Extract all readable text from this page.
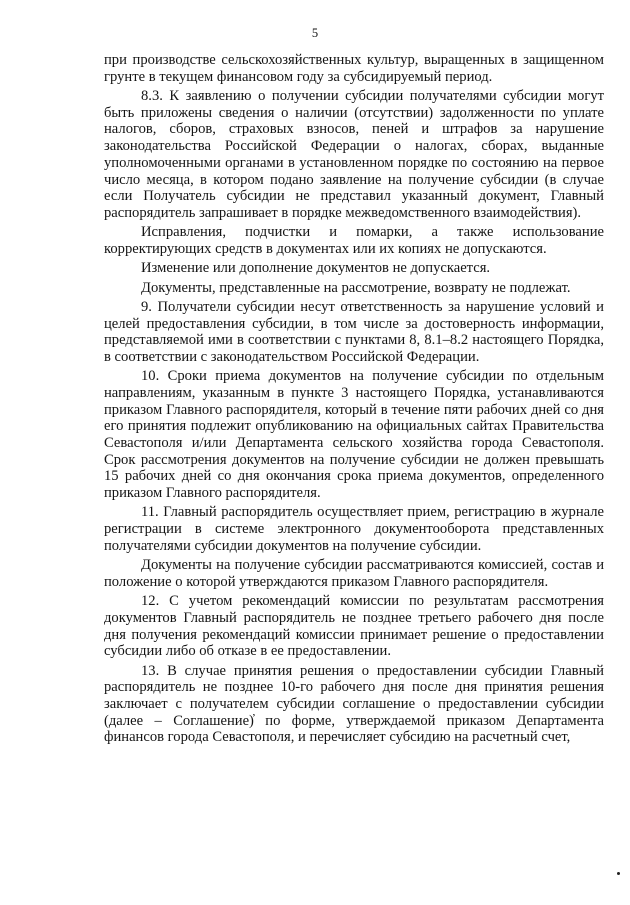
5

при производстве сельскохозяйственных культур, выращенных в защищенном грунте в текущем финансовом году за субсидируемый период.

8.3. К заявлению о получении субсидии получателями субсидии могут быть приложены сведения о наличии (отсутствии) задолженности по уплате налогов, сборов, страховых взносов, пеней и штрафов за нарушение законодательства Российской Федерации о налогах, сборах, выданные уполномоченными органами в установленном порядке по состоянию на первое число месяца, в котором подано заявление на получение субсидии (в случае если Получатель субсидии не представил указанный документ, Главный распорядитель запрашивает в порядке межведомственного взаимодействия).

Исправления, подчистки и помарки, а также использование корректирующих средств в документах или их копиях не допускаются.

Изменение или дополнение документов не допускается.

Документы, представленные на рассмотрение, возврату не подлежат.

9. Получатели субсидии несут ответственность за нарушение условий и целей предоставления субсидии, в том числе за достоверность информации, представляемой ими в соответствии с пунктами 8, 8.1–8.2 настоящего Порядка, в соответствии с законодательством Российской Федерации.

10. Сроки приема документов на получение субсидии по отдельным направлениям, указанным в пункте 3 настоящего Порядка, устанавливаются приказом Главного распорядителя, который в течение пяти рабочих дней со дня его принятия подлежит опубликованию на официальных сайтах Правительства Севастополя и/или Департамента сельского хозяйства города Севастополя. Срок рассмотрения документов на получение субсидии не должен превышать 15 рабочих дней со дня окончания срока приема документов, определенного приказом Главного распорядителя.

11. Главный распорядитель осуществляет прием, регистрацию в журнале регистрации в системе электронного документооборота представленных получателями субсидии документов на получение субсидии.

Документы на получение субсидии рассматриваются комиссией, состав и положение о которой утверждаются приказом Главного распорядителя.

12. С учетом рекомендаций комиссии по результатам рассмотрения документов Главный распорядитель не позднее третьего рабочего дня после дня получения рекомендаций комиссии принимает решение о предоставлении субсидии либо об отказе в ее предоставлении.

13. В случае принятия решения о предоставлении субсидии Главный распорядитель не позднее 10-го рабочего дня после дня принятия решения заключает с получателем субсидии соглашение о предоставлении субсидии (далее – Соглашение)̓ по форме, утверждаемой приказом Департамента финансов города Севастополя, и перечисляет субсидию на расчетный счет,
